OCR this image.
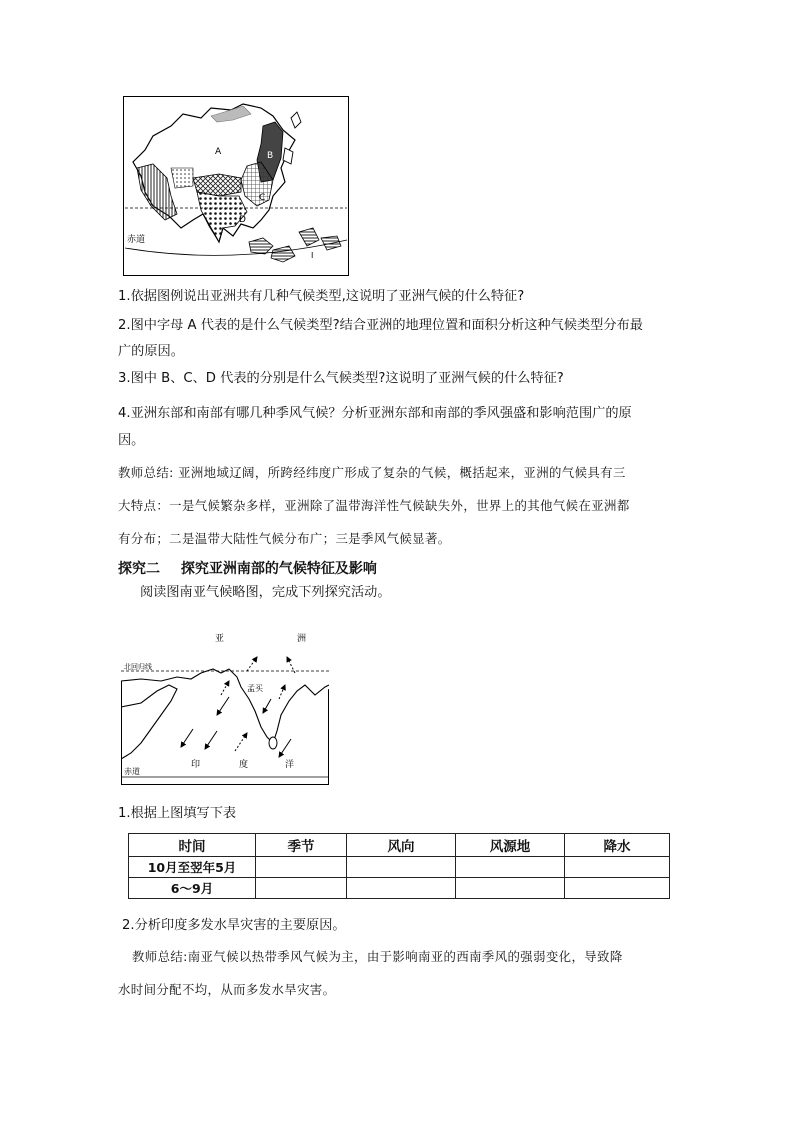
A	B
C
D
I
赤道
1.依据图例说出亚洲共有几种气候类型,这说明了亚洲气候的什么特征?
2.图中字母 A 代表的是什么气候类型?结合亚洲的地理位置和面积分析这种气候类型分布最
广的原因。
3.图中 B、C、D 代表的分别是什么气候类型?这说明了亚洲气候的什么特征?
4.亚洲东部和南部有哪几种季风气候？分析亚洲东部和南部的季风强盛和影响范围广的原
因。
教师总结: 亚洲地域辽阔，所跨经纬度广形成了复杂的气候，概括起来，亚洲的气候具有三
大特点：一是气候繁杂多样，亚洲除了温带海洋性气候缺失外，世界上的其他气候在亚洲都
有分布；二是温带大陆性气候分布广；三是季风气候显著。
探究二 探究亚洲南部的气候特征及影响
阅读图南亚气候略图，完成下列探究活动。
亚	洲
北回归线
孟买
赤道
印	度	洋
1.根据上图填写下表
时间	季节	风向	风源地	降水
10月至翌年5月				
6～9月				
2.分析印度多发水旱灾害的主要原因。
教师总结:南亚气候以热带季风气候为主，由于影响南亚的西南季风的强弱变化，导致降
水时间分配不均，从而多发水旱灾害。
